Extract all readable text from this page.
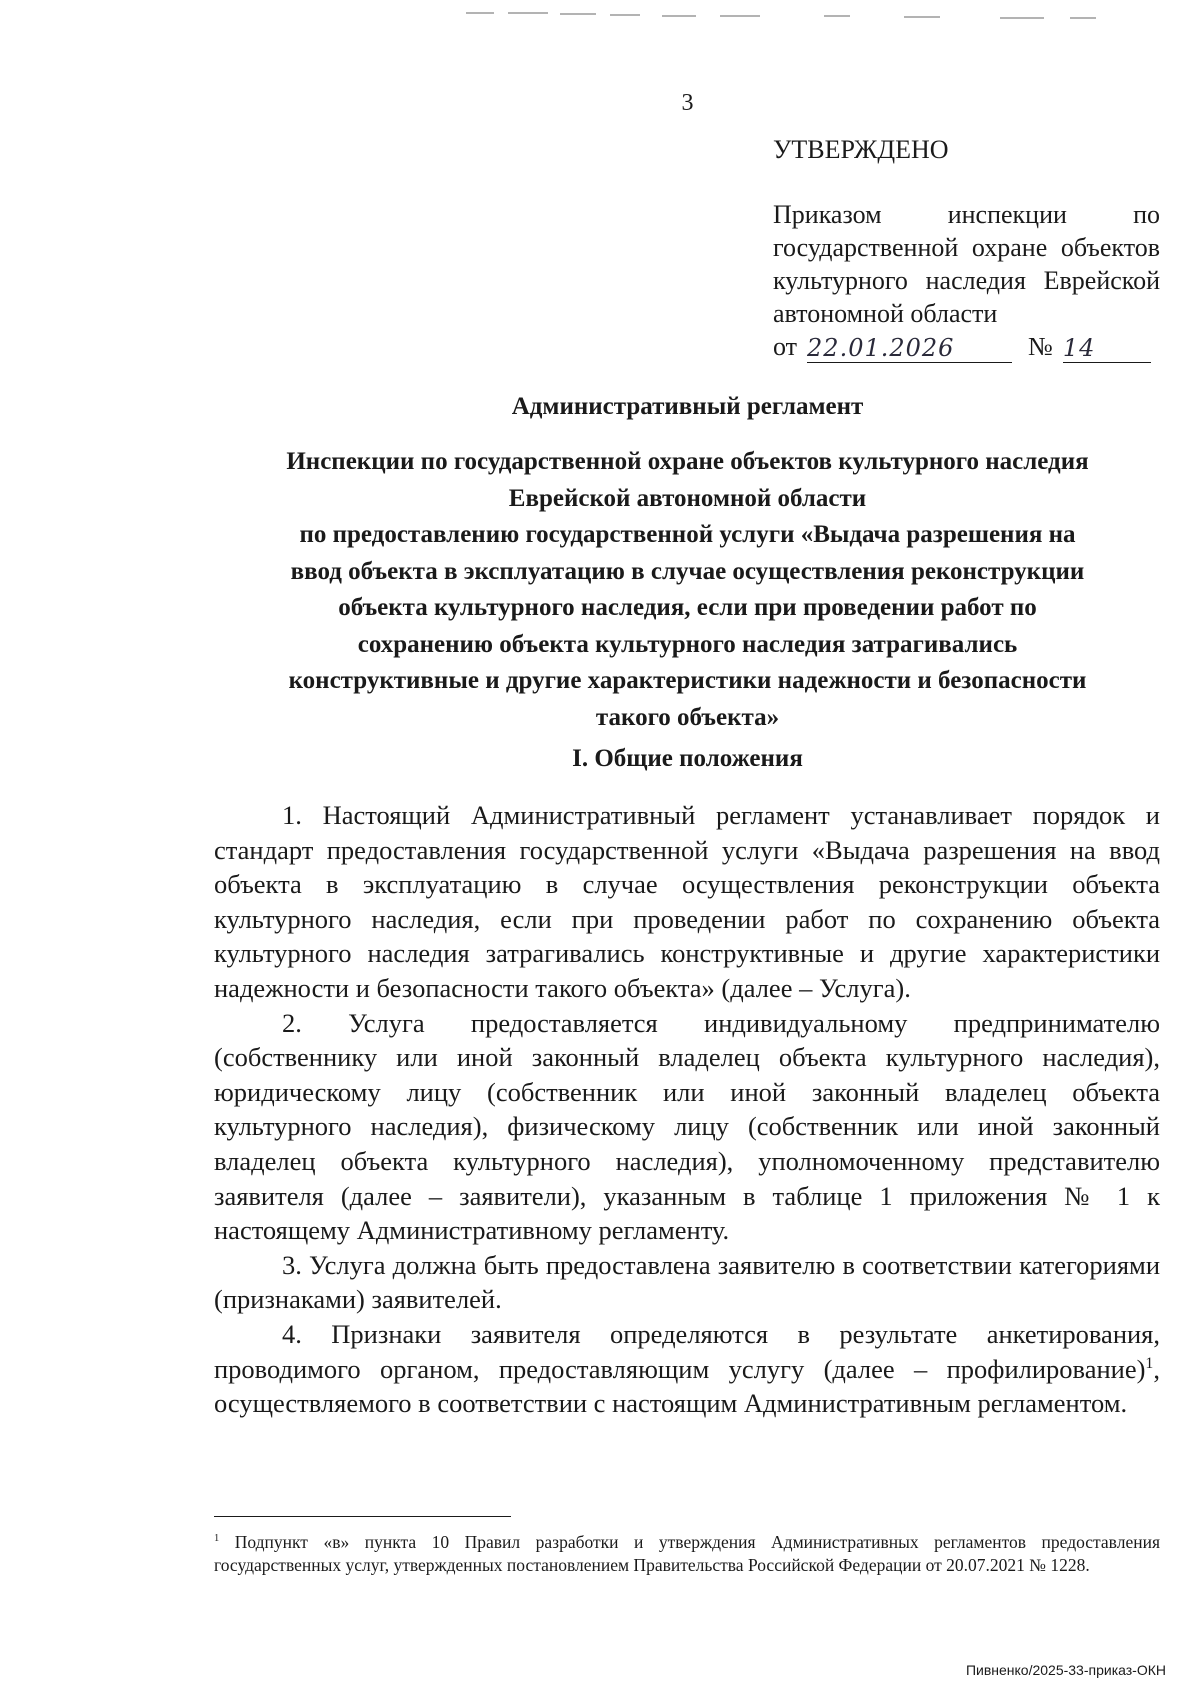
3
УТВЕРЖДЕНО
Приказом инспекции по государственной охране объектов культурного наследия Еврейской автономной области
от 22.01.2026	№ 14
Административный регламент
Инспекции по государственной охране объектов культурного наследия
Еврейской автономной области
по предоставлению государственной услуги «Выдача разрешения на
ввод объекта в эксплуатацию в случае осуществления реконструкции
объекта культурного наследия, если при проведении работ по
сохранению объекта культурного наследия затрагивались
конструктивные и другие характеристики надежности и безопасности
такого объекта»
I. Общие положения

1. Настоящий Административный регламент устанавливает порядок и стандарт предоставления государственной услуги «Выдача разрешения на ввод объекта в эксплуатацию в случае осуществления реконструкции объекта культурного наследия, если при проведении работ по сохранению объекта культурного наследия затрагивались конструктивные и другие характеристики надежности и безопасности такого объекта» (далее – Услуга).

2. Услуга предоставляется индивидуальному предпринимателю (собственнику или иной законный владелец объекта культурного наследия), юридическому лицу (собственник или иной законный владелец объекта культурного наследия), физическому лицу (собственник или иной законный владелец объекта культурного наследия), уполномоченному представителю заявителя (далее – заявители), указанным в таблице 1 приложения № 1 к настоящему Административному регламенту.

3. Услуга должна быть предоставлена заявителю в соответствии категориями (признаками) заявителей.

4. Признаки заявителя определяются в результате анкетирования, проводимого органом, предоставляющим услугу (далее – профилирование)$^1$, осуществляемого в соответствии с настоящим Административным регламентом.

$^1$ Подпункт «в» пункта 10 Правил разработки и утверждения Административных регламентов предоставления государственных услуг, утвержденных постановлением Правительства Российской Федерации от 20.07.2021 № 1228.
Пивненко/2025-33-приказ-ОКН
